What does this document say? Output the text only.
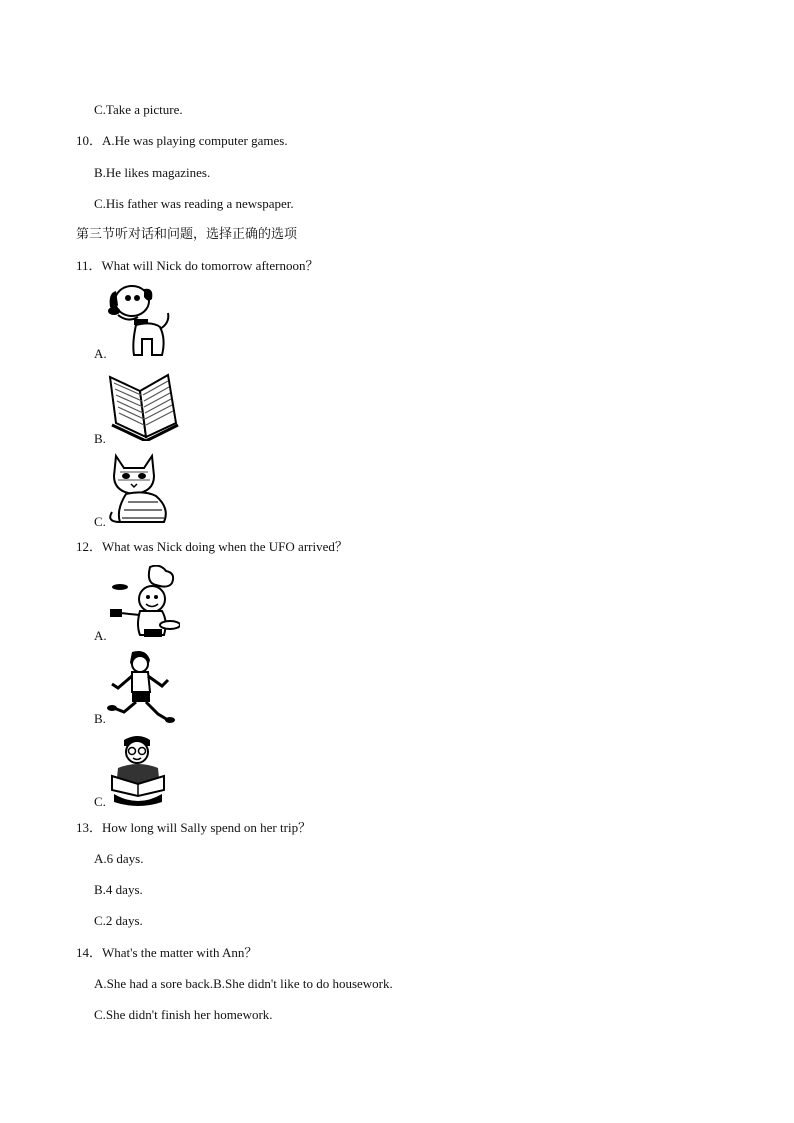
C.Take a picture.
10．A.He was playing computer games.
B.He likes magazines.
C.His father was reading a newspaper.
第三节听对话和问题，选择正确的选项
11．What will Nick do tomorrow afternoon？
A.
B.
C.
12．What was Nick doing when the UFO arrived？
A.
B.
C.
13．How long will Sally spend on her trip？
A.6 days.
B.4 days.
C.2 days.
14．What's the matter with Ann？
A.She had a sore back.B.She didn't like to do housework.
C.She didn't finish her homework.
